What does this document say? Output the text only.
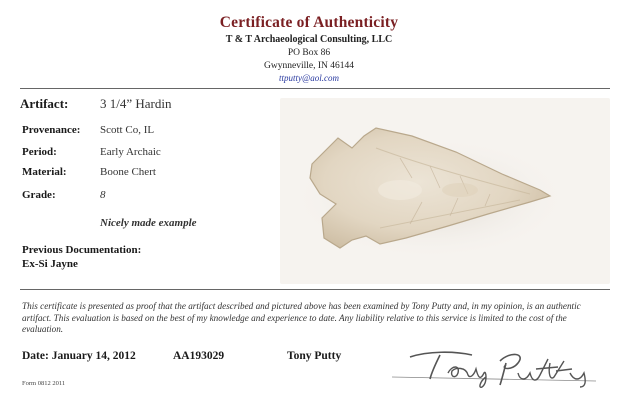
Certificate of Authenticity
T & T Archaeological Consulting, LLC
PO Box 86
Gwynneville, IN 46144
ttputty@aol.com
Artifact: 3 1/4” Hardin
Provenance: Scott Co, IL
Period:	Early Archaic
Material:	Boone Chert
Grade:	8
Nicely made example
Previous Documentation:
Ex-Si Jayne
This certificate is presented as proof that the artifact described and pictured above has been examined by Tony Putty and, in my opinion, is an authentic artifact. This evaluation is based on the best of my knowledge and experience to date. Any liability relative to this service is limited to the cost of the evaluation.
Date: January 14, 2012	AA193029	Tony Putty
Form 0812 2011
